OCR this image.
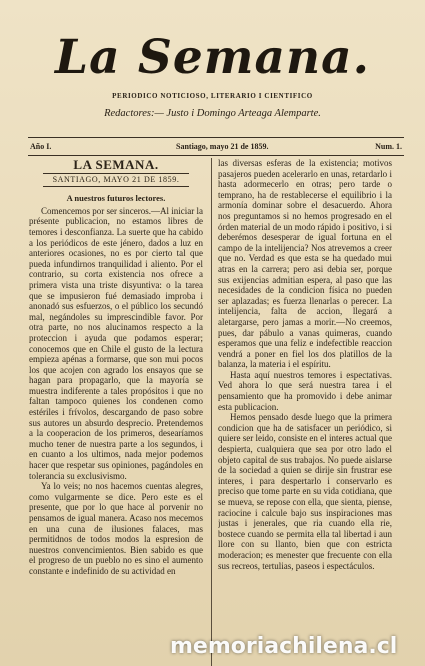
La Semana.
PERIODICO NOTICIOSO, LITERARIO I CIENTIFICO
Redactores:— Justo i Domingo Arteaga Alemparte.
Año I.	Santiago, mayo 21 de 1859.	Num. 1.
LA SEMANA.
SANTIAGO, MAYO 21 DE 1859.
A nuestros futuros lectores.

Comencemos por ser sinceros.—Al iniciar la présente publicacion, no estamos libres de temores i desconfianza. La suerte que ha cabido a los periódicos de este jénero, dados a luz en anteriores ocasiones, no es por cierto tal que pueda infundirnos tranquilidad i aliento. Por el contrario, su corta existencia nos ofrece a primera vista una triste disyuntiva: o la tarea que se impusieron fué demasiado improba i anonadó sus esfuerzos, o el público los secundó mal, negándoles su imprescindible favor. Por otra parte, no nos alucinamos respecto a la proteccion i ayuda que podamos esperar; conocemos que en Chile el gusto de la lectura empieza apénas a formarse, que son mui pocos los que acojen con agrado los ensayos que se hagan para propagarlo, que la mayoría se muestra indiferente a tales propósitos i que no faltan tampoco quienes los condenen como estériles i frívolos, descargando de paso sobre sus autores un absurdo desprecio. Pretendemos a la cooperacion de los primeros, desearíamos mucho tener de nuestra parte a los segundos, i en cuanto a los ultimos, nada mejor podemos hacer que respetar sus opiniones, pagándoles en tolerancia su exclusivismo.

Ya lo veis; no nos hacemos cuentas alegres, como vulgarmente se dice. Pero este es el presente, que por lo que hace al porvenir no pensamos de igual manera. Acaso nos mecemos en una cuna de ilusiones falaces, mas permitidnos de todos modos la espresion de nuestros convencimientos. Bien sabido es que el progreso de un pueblo no es sino el aumento constante e indefinido de su actividad en

las diversas esferas de la existencia; motivos pasajeros pueden acelerarlo en unas, retardarlo i hasta adormecerlo en otras; pero tarde o temprano, ha de restablecerse el equilibrio i la armonía dominar sobre el desacuerdo. Ahora nos preguntamos si no hemos progresado en el órden material de un modo rápido i positivo, i si deberémos desesperar de igual fortuna en el campo de la intelijencia? Nos atrevemos a creer que no. Verdad es que esta se ha quedado mui atras en la carrera; pero asi debia ser, porque sus exijencias admitian espera, al paso que las necesidades de la condicion física no pueden ser aplazadas; es fuerza llenarlas o perecer. La intelijencia, falta de accion, llegará a aletargarse, pero jamas a morir.—No creemos, pues, dar pábulo a vanas quimeras, cuando esperamos que una feliz e indefectible reaccion vendrá a poner en fiel los dos platillos de la balanza, la materia i el espíritu.

Hasta aquí nuestros temores i espectativas. Ved ahora lo que será nuestra tarea i el pensamiento que ha promovido i debe animar esta publicacion.

Hemos pensado desde luego que la primera condicion que ha de satisfacer un periódico, si quiere ser leido, consiste en el interes actual que despierta, cualquiera que sea por otro lado el objeto capital de sus trabajos. No puede aislarse de la sociedad a quien se dirije sin frustrar ese interes, i para despertarlo i conservarlo es preciso que tome parte en su vida cotidiana, que se mueva, se repose con ella, que sienta, piense, raciocine i calcule bajo sus inspiraciones mas justas i jenerales, que ria cuando ella rie, bostece cuando se permita ella tal libertad i aun llore con su llanto, bien que con estricta moderacion; es menester que frecuente con ella sus recreos, tertulias, paseos i espectáculos.

memoriachilena.cl
